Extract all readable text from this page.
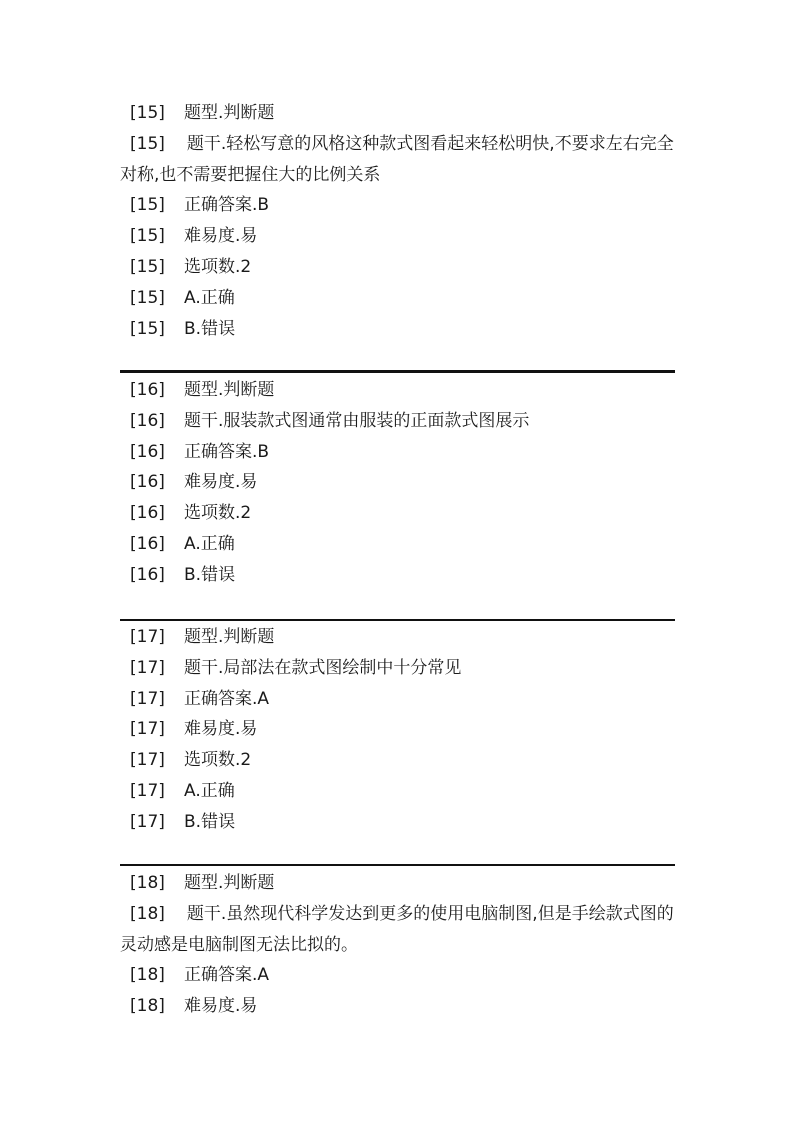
[15] 题型.判断题
[15] 题干.轻松写意的风格这种款式图看起来轻松明快,不要求左右完全对称,也不需要把握住大的比例关系
[15] 正确答案.B
[15] 难易度.易
[15] 选项数.2
[15] A.正确
[15] B.错误
[16] 题型.判断题
[16] 题干.服装款式图通常由服装的正面款式图展示
[16] 正确答案.B
[16] 难易度.易
[16] 选项数.2
[16] A.正确
[16] B.错误
[17] 题型.判断题
[17] 题干.局部法在款式图绘制中十分常见
[17] 正确答案.A
[17] 难易度.易
[17] 选项数.2
[17] A.正确
[17] B.错误
[18] 题型.判断题
[18] 题干.虽然现代科学发达到更多的使用电脑制图,但是手绘款式图的灵动感是电脑制图无法比拟的。
[18] 正确答案.A
[18] 难易度.易
